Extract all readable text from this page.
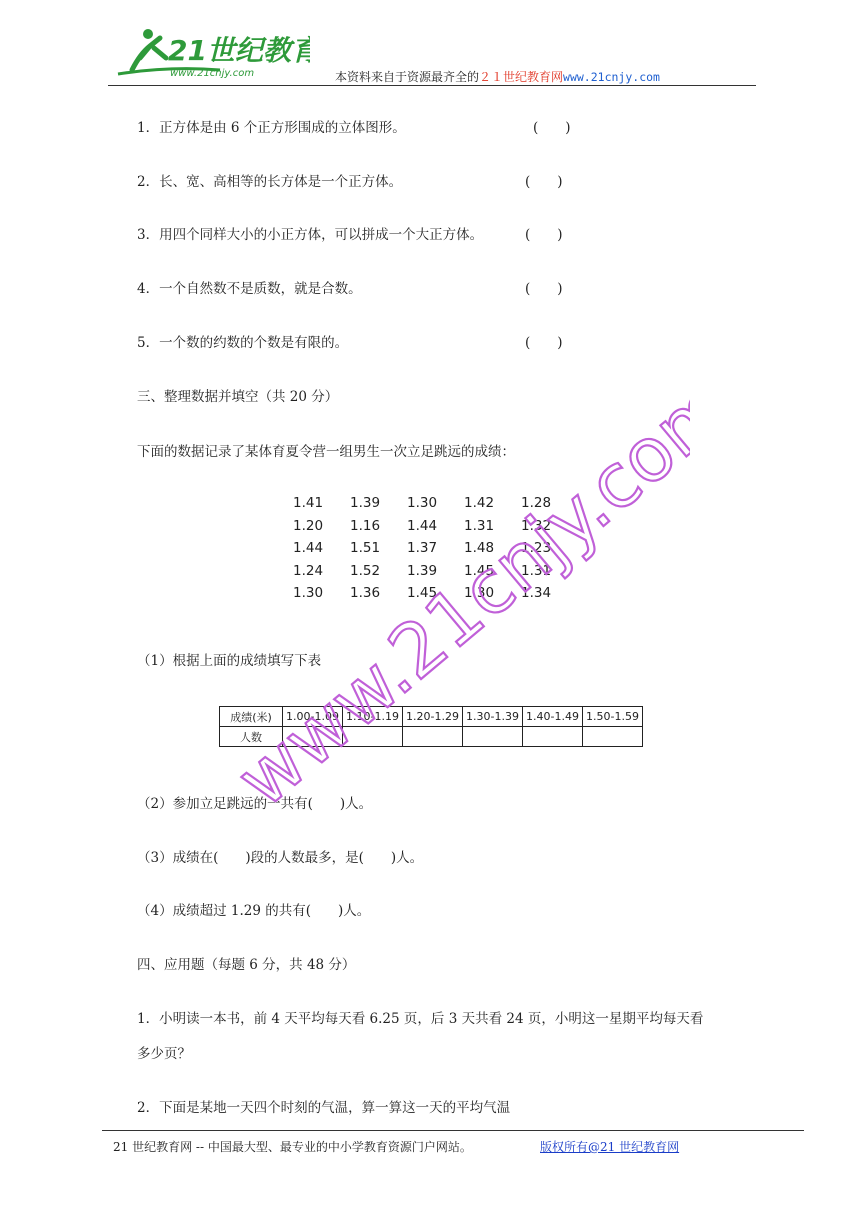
21世纪教育
www.21cnjy.com	本资料来自于资源最齐全的２１世纪教育网www.21cnjy.com
1．正方体是由 6 个正方形围成的立体图形。	(　　)
2．长、宽、高相等的长方体是一个正方体。	(　　)
3．用四个同样大小的小正方体，可以拼成一个大正方体。	(　　)
4．一个自然数不是质数，就是合数。	(　　)
5．一个数的约数的个数是有限的。	(　　)
三、整理数据并填空（共 20 分）
下面的数据记录了某体育夏令营一组男生一次立足跳远的成绩：
1.41	1.39	1.30	1.42	1.28
1.20	1.16	1.44	1.31	1.32
1.44	1.51	1.37	1.48	1.23
1.24	1.52	1.39	1.45	1.31
1.30	1.36	1.45	1.30	1.34
（1）根据上面的成绩填写下表
成绩(米)	1.00-1.09	1.10-1.19	1.20-1.29	1.30-1.39	1.40-1.49	1.50-1.59
人数						
（2）参加立足跳远的一共有(　　)人。
（3）成绩在(　　)段的人数最多，是(　　)人。
（4）成绩超过 1.29 的共有(　　)人。
四、应用题（每题 6 分，共 48 分）
1．小明读一本书，前 4 天平均每天看 6.25 页，后 3 天共看 24 页，小明这一星期平均每天看
多少页？
2．下面是某地一天四个时刻的气温，算一算这一天的平均气温
21 世纪教育网 -- 中国最大型、最专业的中小学教育资源门户网站。	版权所有@21 世纪教育网
www.21cnjy.com
